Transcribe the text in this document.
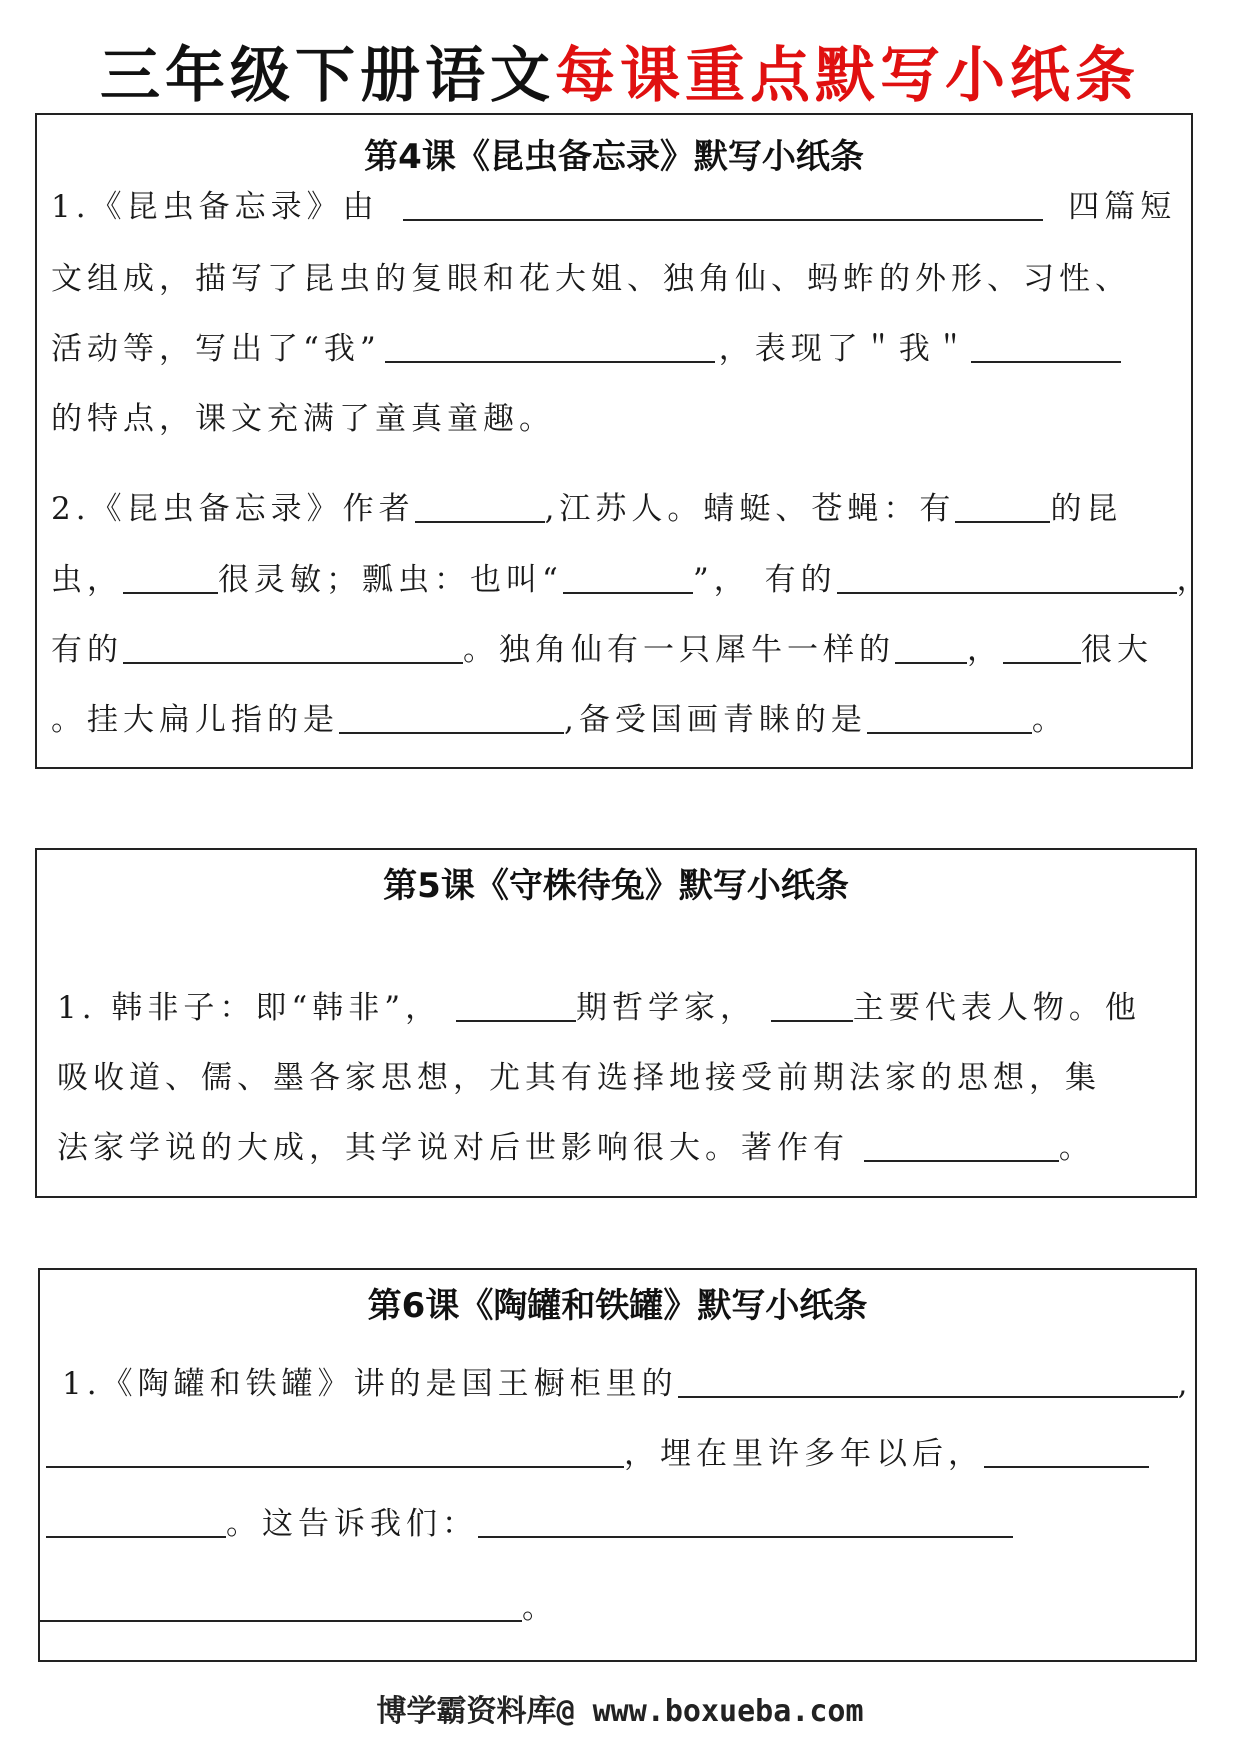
三年级下册语文每课重点默写小纸条
第4课《昆虫备忘录》默写小纸条
1.《昆虫备忘录》由	四篇短
文组成，描写了昆虫的复眼和花大姐、独角仙、蚂蚱的外形、习性、
活动等，写出了“我”	，表现了＂我＂
的特点，课文充满了童真童趣。
2.《昆虫备忘录》作者	,江苏人。蜻蜓、苍蝇：有	的昆
虫，	很灵敏；瓢虫：也叫“	”， 有的	，
有的	。独角仙有一只犀牛一样的 ，	很大
。挂大扁儿指的是	,备受国画青睐的是	。
第5课《守株待兔》默写小纸条
1. 韩非子：即“韩非”，	期哲学家，	主要代表人物。他
吸收道、儒、墨各家思想，尤其有选择地接受前期法家的思想，集
法家学说的大成，其学说对后世影响很大。著作有	。
第6课《陶罐和铁罐》默写小纸条
1.《陶罐和铁罐》讲的是国王橱柜里的	,
，埋在里许多年以后，
。这告诉我们：
。
博学霸资料库@ www.boxueba.com
